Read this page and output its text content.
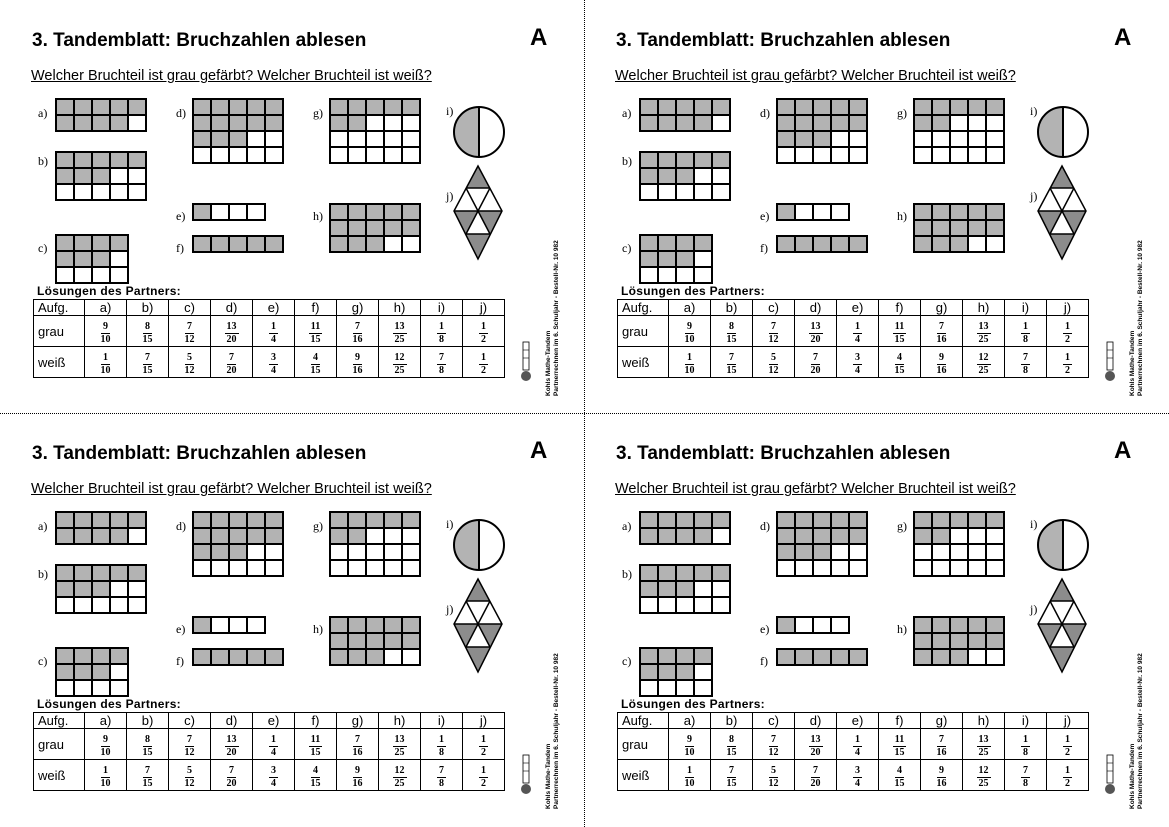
3. Tandemblatt: Bruchzahlen ablesen	A
Welcher Bruchteil ist grau gefärbt? Welcher Bruchteil ist weiß?
a)
b)
c)
d)
e)
f)
g)
h)
i)
j)
Lösungen des Partners:
Aufg.	a)	b)	c)	d)	e)	f)	g)	h)	i)	j)
grau	$\frac{9}{10}$	$\frac{8}{15}$	$\frac{7}{12}$	$\frac{13}{20}$	$\frac{1}{4}$	$\frac{11}{15}$	$\frac{7}{16}$	$\frac{13}{25}$	$\frac{1}{8}$	$\frac{1}{2}$

weiß	$\frac{1}{10}$	$\frac{7}{15}$	$\frac{5}{12}$	$\frac{7}{20}$	$\frac{3}{4}$	$\frac{4}{15}$	$\frac{9}{16}$	$\frac{12}{25}$	$\frac{7}{8}$	$\frac{1}{2}$	Kohls Mathe-Tandem Partnerrechnen im 6. Schuljahr - Bestell-Nr. 10 982
3. Tandemblatt: Bruchzahlen ablesen	A
Welcher Bruchteil ist grau gefärbt? Welcher Bruchteil ist weiß?
a)
b)
c)
d)
e)
f)
g)
h)
i)
j)
Lösungen des Partners:
Aufg.	a)	b)	c)	d)	e)	f)	g)	h)	i)	j)
grau	$\frac{9}{10}$	$\frac{8}{15}$	$\frac{7}{12}$	$\frac{13}{20}$	$\frac{1}{4}$	$\frac{11}{15}$	$\frac{7}{16}$	$\frac{13}{25}$	$\frac{1}{8}$	$\frac{1}{2}$

weiß	$\frac{1}{10}$	$\frac{7}{15}$	$\frac{5}{12}$	$\frac{7}{20}$	$\frac{3}{4}$	$\frac{4}{15}$	$\frac{9}{16}$	$\frac{12}{25}$	$\frac{7}{8}$	$\frac{1}{2}$	Kohls Mathe-Tandem Partnerrechnen im 6. Schuljahr - Bestell-Nr. 10 982
3. Tandemblatt: Bruchzahlen ablesen	A
Welcher Bruchteil ist grau gefärbt? Welcher Bruchteil ist weiß?
a)
b)
c)
d)
e)
f)
g)
h)
i)
j)
Lösungen des Partners:
Aufg.	a)	b)	c)	d)	e)	f)	g)	h)	i)	j)
grau	$\frac{9}{10}$	$\frac{8}{15}$	$\frac{7}{12}$	$\frac{13}{20}$	$\frac{1}{4}$	$\frac{11}{15}$	$\frac{7}{16}$	$\frac{13}{25}$	$\frac{1}{8}$	$\frac{1}{2}$

weiß	$\frac{1}{10}$	$\frac{7}{15}$	$\frac{5}{12}$	$\frac{7}{20}$	$\frac{3}{4}$	$\frac{4}{15}$	$\frac{9}{16}$	$\frac{12}{25}$	$\frac{7}{8}$	$\frac{1}{2}$	Kohls Mathe-Tandem Partnerrechnen im 6. Schuljahr - Bestell-Nr. 10 982
3. Tandemblatt: Bruchzahlen ablesen	A
Welcher Bruchteil ist grau gefärbt? Welcher Bruchteil ist weiß?
a)
b)
c)
d)
e)
f)
g)
h)
i)
j)
Lösungen des Partners:
Aufg.	a)	b)	c)	d)	e)	f)	g)	h)	i)	j)
grau	$\frac{9}{10}$	$\frac{8}{15}$	$\frac{7}{12}$	$\frac{13}{20}$	$\frac{1}{4}$	$\frac{11}{15}$	$\frac{7}{16}$	$\frac{13}{25}$	$\frac{1}{8}$	$\frac{1}{2}$

weiß	$\frac{1}{10}$	$\frac{7}{15}$	$\frac{5}{12}$	$\frac{7}{20}$	$\frac{3}{4}$	$\frac{4}{15}$	$\frac{9}{16}$	$\frac{12}{25}$	$\frac{7}{8}$	$\frac{1}{2}$	Kohls Mathe-Tandem Partnerrechnen im 6. Schuljahr - Bestell-Nr. 10 982
